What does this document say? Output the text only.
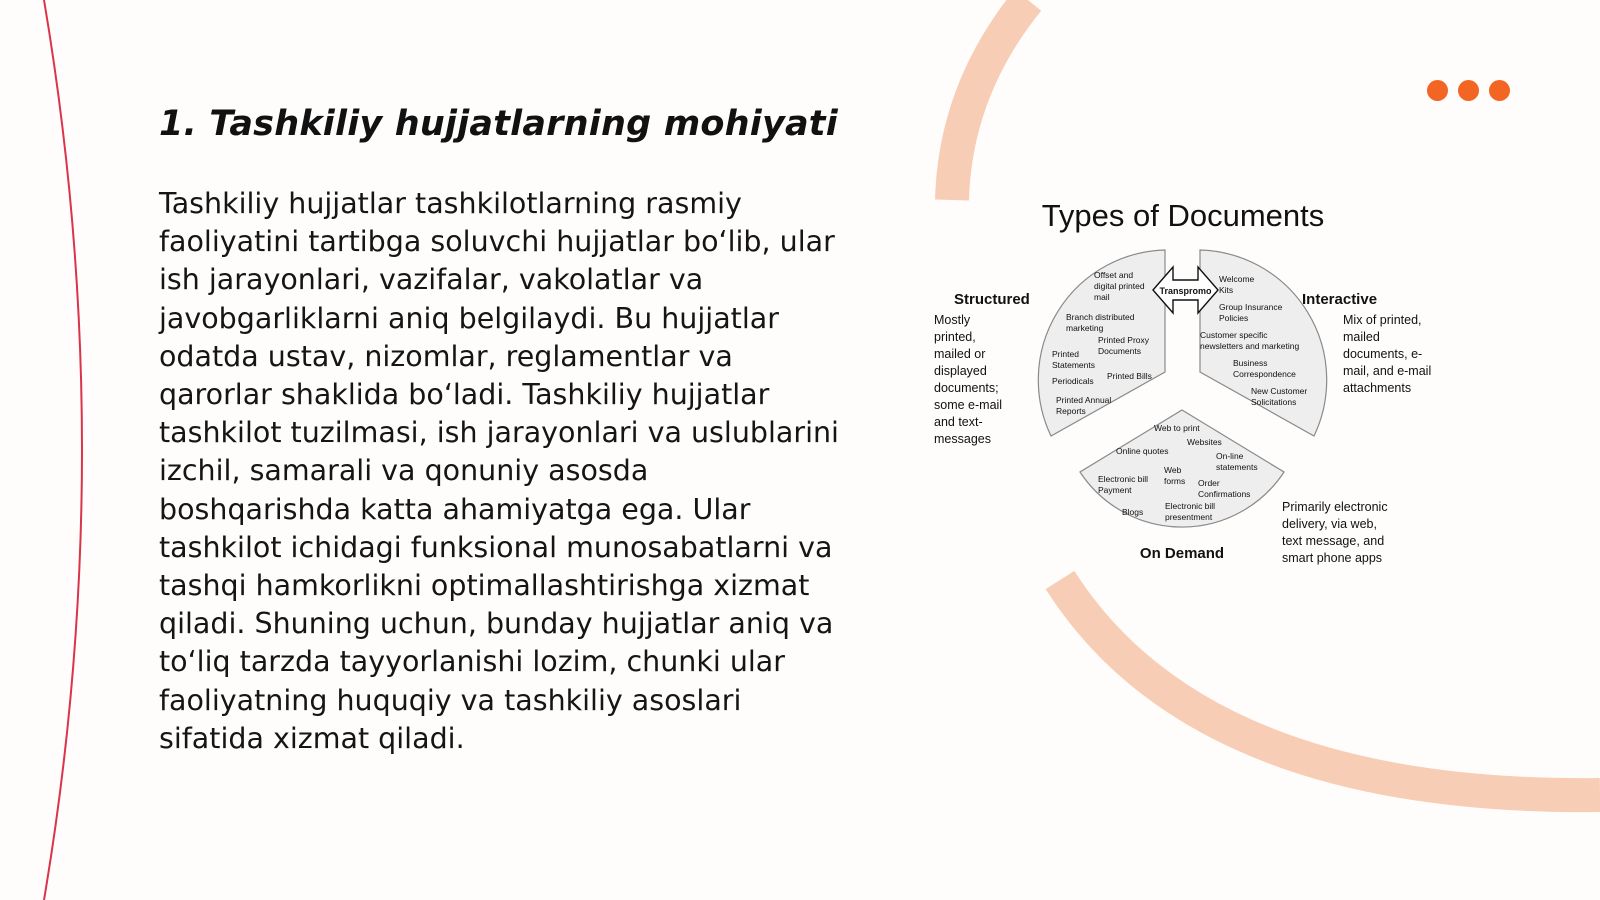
1. Tashkiliy hujjatlarning mohiyati

Tashkiliy hujjatlar tashkilotlarning rasmiy faoliyatini tartibga soluvchi hujjatlar bo‘lib, ular ish jarayonlari, vazifalar, vakolatlar va javobgarliklarni aniq belgilaydi. Bu hujjatlar odatda ustav, nizomlar, reglamentlar va qarorlar shaklida bo‘ladi. Tashkiliy hujjatlar tashkilot tuzilmasi, ish jarayonlari va uslublarini izchil, samarali va qonuniy asosda boshqarishda katta ahamiyatga ega. Ular tashkilot ichidagi funksional munosabatlarni va tashqi hamkorlikni optimallashtirishga xizmat qiladi. Shuning uchun, bunday hujjatlar aniq va to‘liq tarzda tayyorlanishi lozim, chunki ular faoliyatning huquqiy va tashkiliy asoslari sifatida xizmat qiladi.

Types of Documents
Transpromo
Structured	Interactive
On Demand
Mostly
printed,
mailed or
displayed
documents;
some e-mail
and text-
messages
Mix of printed,
mailed
documents, e-
mail, and e-mail
attachments
Primarily electronic
delivery, via web,
text message, and
smart phone apps
Offset and
digital printed
mail
Branch distributed
marketing
Printed Proxy
Documents
Printed
Statements
Periodicals Printed Bills
Printed Annual
Reports
Welcome
Kits
Group Insurance
Policies
Customer specific
newsletters and marketing
Business
Correspondence
New Customer
Solicitations
Web to print
Websites
Online quotes	On-line
statements
Web
forms
Electronic bill
Payment
Order
Confirmations
Blogs
Electronic bill
presentment
